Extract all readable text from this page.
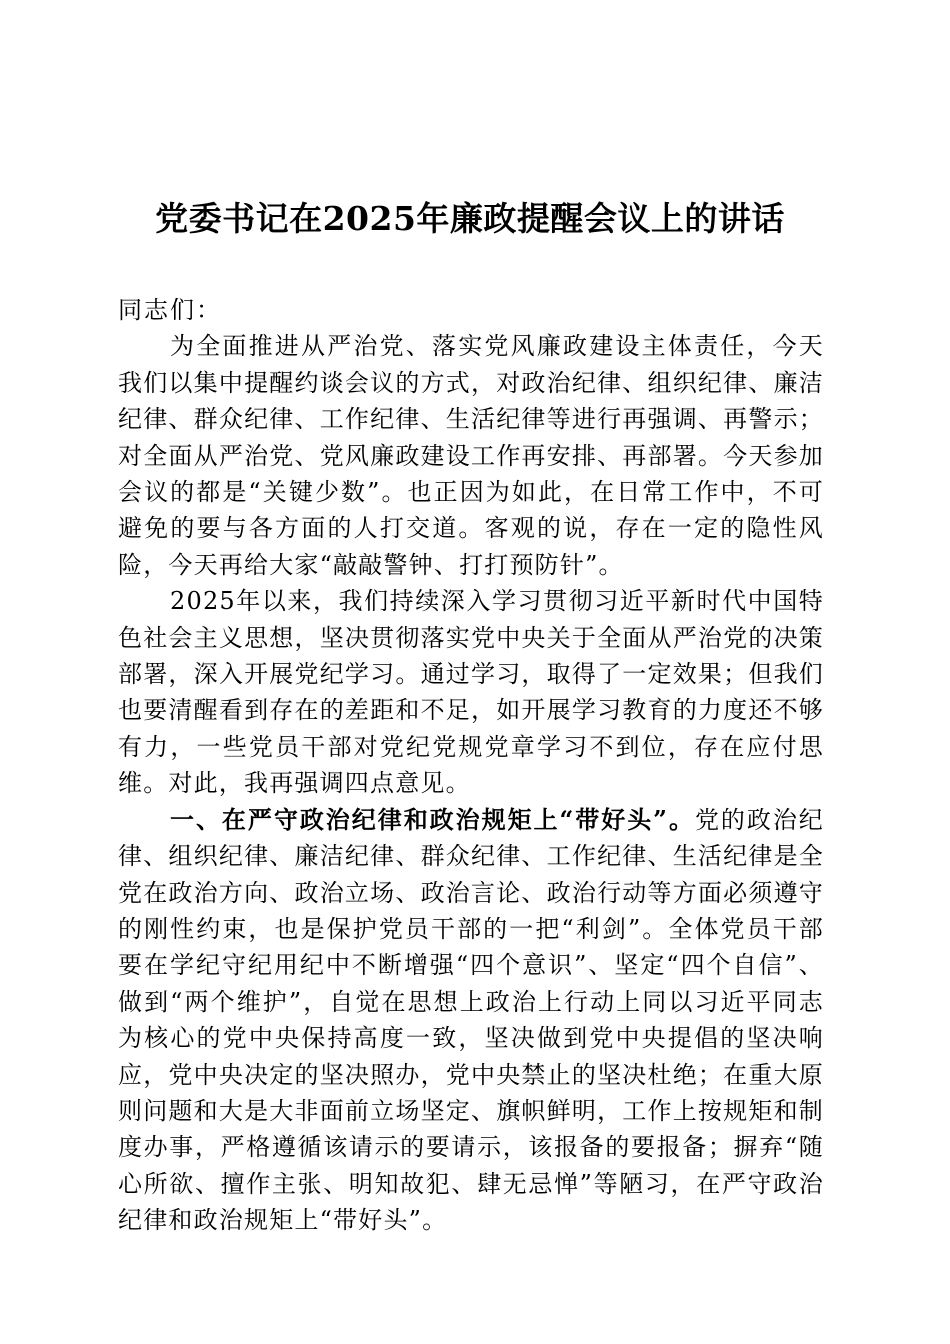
党委书记在2025年廉政提醒会议上的讲话

同志们：

为全面推进从严治党、落实党风廉政建设主体责任，今天我们以集中提醒约谈会议的方式，对政治纪律、组织纪律、廉洁纪律、群众纪律、工作纪律、生活纪律等进行再强调、再警示；对全面从严治党、党风廉政建设工作再安排、再部署。今天参加会议的都是“关键少数”。也正因为如此，在日常工作中，不可避免的要与各方面的人打交道。客观的说，存在一定的隐性风险，今天再给大家“敲敲警钟、打打预防针”。

2025年以来，我们持续深入学习贯彻习近平新时代中国特色社会主义思想，坚决贯彻落实党中央关于全面从严治党的决策部署，深入开展党纪学习。通过学习，取得了一定效果；但我们也要清醒看到存在的差距和不足，如开展学习教育的力度还不够有力，一些党员干部对党纪党规党章学习不到位，存在应付思维。对此，我再强调四点意见。

一、在严守政治纪律和政治规矩上“带好头”。党的政治纪律、组织纪律、廉洁纪律、群众纪律、工作纪律、生活纪律是全党在政治方向、政治立场、政治言论、政治行动等方面必须遵守的刚性约束，也是保护党员干部的一把“利剑”。全体党员干部要在学纪守纪用纪中不断增强“四个意识”、坚定“四个自信”、做到“两个维护”，自觉在思想上政治上行动上同以习近平同志为核心的党中央保持高度一致，坚决做到党中央提倡的坚决响应，党中央决定的坚决照办，党中央禁止的坚决杜绝；在重大原则问题和大是大非面前立场坚定、旗帜鲜明，工作上按规矩和制度办事，严格遵循该请示的要请示，该报备的要报备；摒弃“随心所欲、擅作主张、明知故犯、肆无忌惮”等陋习，在严守政治纪律和政治规矩上“带好头”。
